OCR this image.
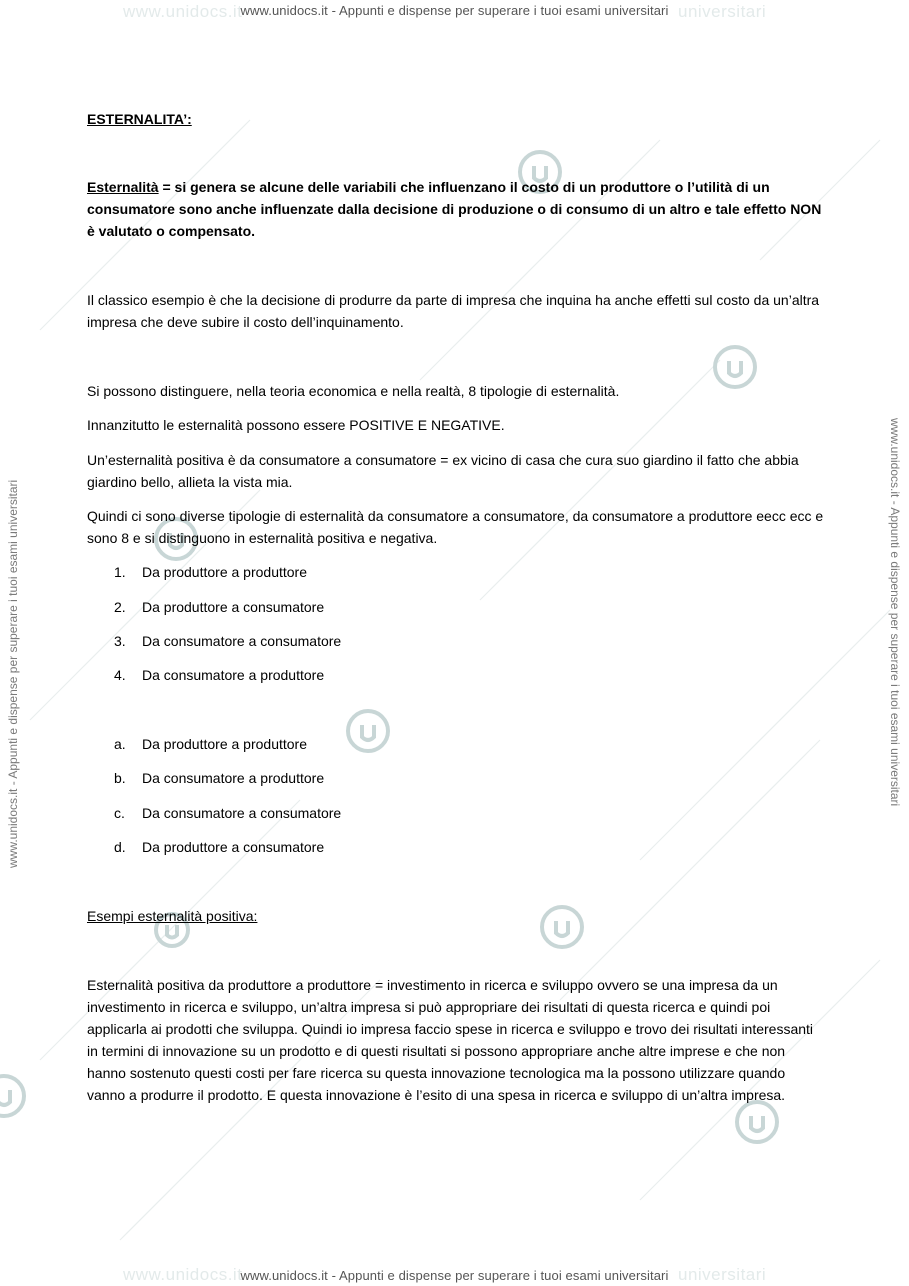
www.unidocs.it	universitari
www.unidocs.it - Appunti e dispense per superare i tuoi esami universitari
www.unidocs.it	universitari
www.unidocs.it - Appunti e dispense per superare i tuoi esami universitari
www.unidocs.it - Appunti e dispense per superare i tuoi esami universitari	www.unidocs.it - Appunti e dispense per superare i tuoi esami universitari
ESTERNALITA’:
Esternalità = si genera se alcune delle variabili che influenzano il costo di un produttore o l’utilità di un consumatore sono anche influenzate dalla decisione di produzione o di consumo di un altro e tale effetto NON è valutato o compensato.
Il classico esempio è che la decisione di produrre da parte di impresa che inquina ha anche effetti sul costo da un’altra impresa che deve subire il costo dell’inquinamento.
Si possono distinguere, nella teoria economica e nella realtà, 8 tipologie di esternalità.
Innanzitutto le esternalità possono essere POSITIVE E NEGATIVE.
Un’esternalità positiva è da consumatore a consumatore = ex vicino di casa che cura suo giardino il fatto che abbia giardino bello, allieta la vista mia.
Quindi ci sono diverse tipologie di esternalità da consumatore a consumatore, da consumatore a produttore eecc ecc e sono 8 e si distinguono in esternalità positiva e negativa.
1. Da produttore a produttore
2. Da produttore a consumatore
3. Da consumatore a consumatore
4. Da consumatore a produttore
a. Da produttore a produttore
b. Da consumatore a produttore
c. Da consumatore a consumatore
d. Da produttore a consumatore
Esempi esternalità positiva:
Esternalità positiva da produttore a produttore = investimento in ricerca e sviluppo ovvero se una impresa da un investimento in ricerca e sviluppo, un’altra impresa si può appropriare dei risultati di questa ricerca e quindi poi applicarla ai prodotti che sviluppa. Quindi io impresa faccio spese in ricerca e sviluppo e trovo dei risultati interessanti in termini di innovazione su un prodotto e di questi risultati si possono appropriare anche altre imprese e che non hanno sostenuto questi costi per fare ricerca su questa innovazione tecnologica ma la possono utilizzare quando vanno a produrre il prodotto. E questa innovazione è l’esito di una spesa in ricerca e sviluppo di un’altra impresa.
